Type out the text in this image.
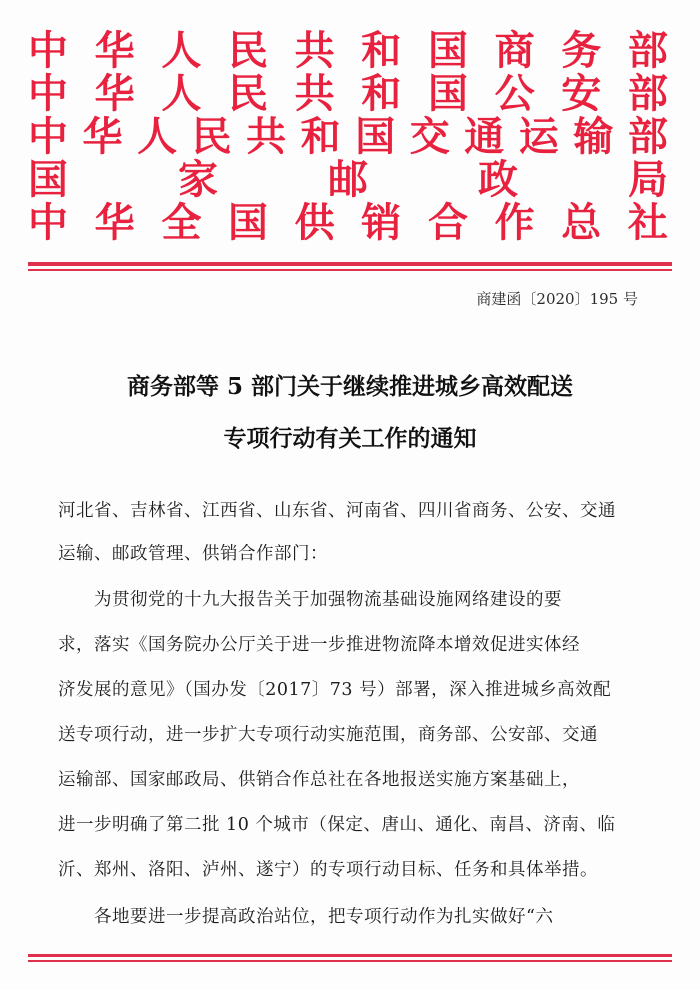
中 华 人 民 共 和 国 商 务 部
中 华 人 民 共 和 国 公 安 部
中 华 人 民 共 和 国 交 通 运 输 部
国	家	邮	政	局
中 华 全 国 供 销 合 作 总 社
商建函〔2020〕195 号
商务部等 5 部门关于继续推进城乡高效配送
专项行动有关工作的通知
河北省、吉林省、江西省、山东省、河南省、四川省商务、公安、交通
运输、邮政管理、供销合作部门：
为贯彻党的十九大报告关于加强物流基础设施网络建设的要
求，落实《国务院办公厅关于进一步推进物流降本增效促进实体经
济发展的意见》（国办发〔2017〕73 号）部署，深入推进城乡高效配
送专项行动，进一步扩大专项行动实施范围，商务部、公安部、交通
运输部、国家邮政局、供销合作总社在各地报送实施方案基础上，
进一步明确了第二批 10 个城市（保定、唐山、通化、南昌、济南、临
沂、郑州、洛阳、泸州、遂宁）的专项行动目标、任务和具体举措。
各地要进一步提高政治站位，把专项行动作为扎实做好“六
